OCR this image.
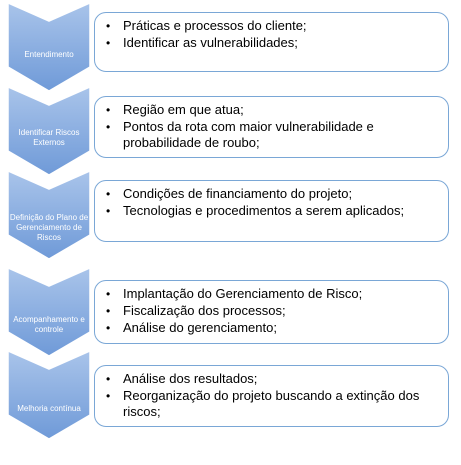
Entendimento
• Práticas e processos do cliente;
• Identificar as vulnerabilidades;
Identificar Riscos Externos
• Região em que atua;
• Pontos da rota com maior vulnerabilidade e probabilidade de roubo;
Definição do Plano de Gerenciamento de Riscos
• Condições de financiamento do projeto;
• Tecnologias e procedimentos a serem aplicados;
Acompanhamento e controle
• Implantação do Gerenciamento de Risco;
• Fiscalização dos processos;
• Análise do gerenciamento;
Melhoria contínua
• Análise dos resultados;
• Reorganização do projeto buscando a extinção dos riscos;
